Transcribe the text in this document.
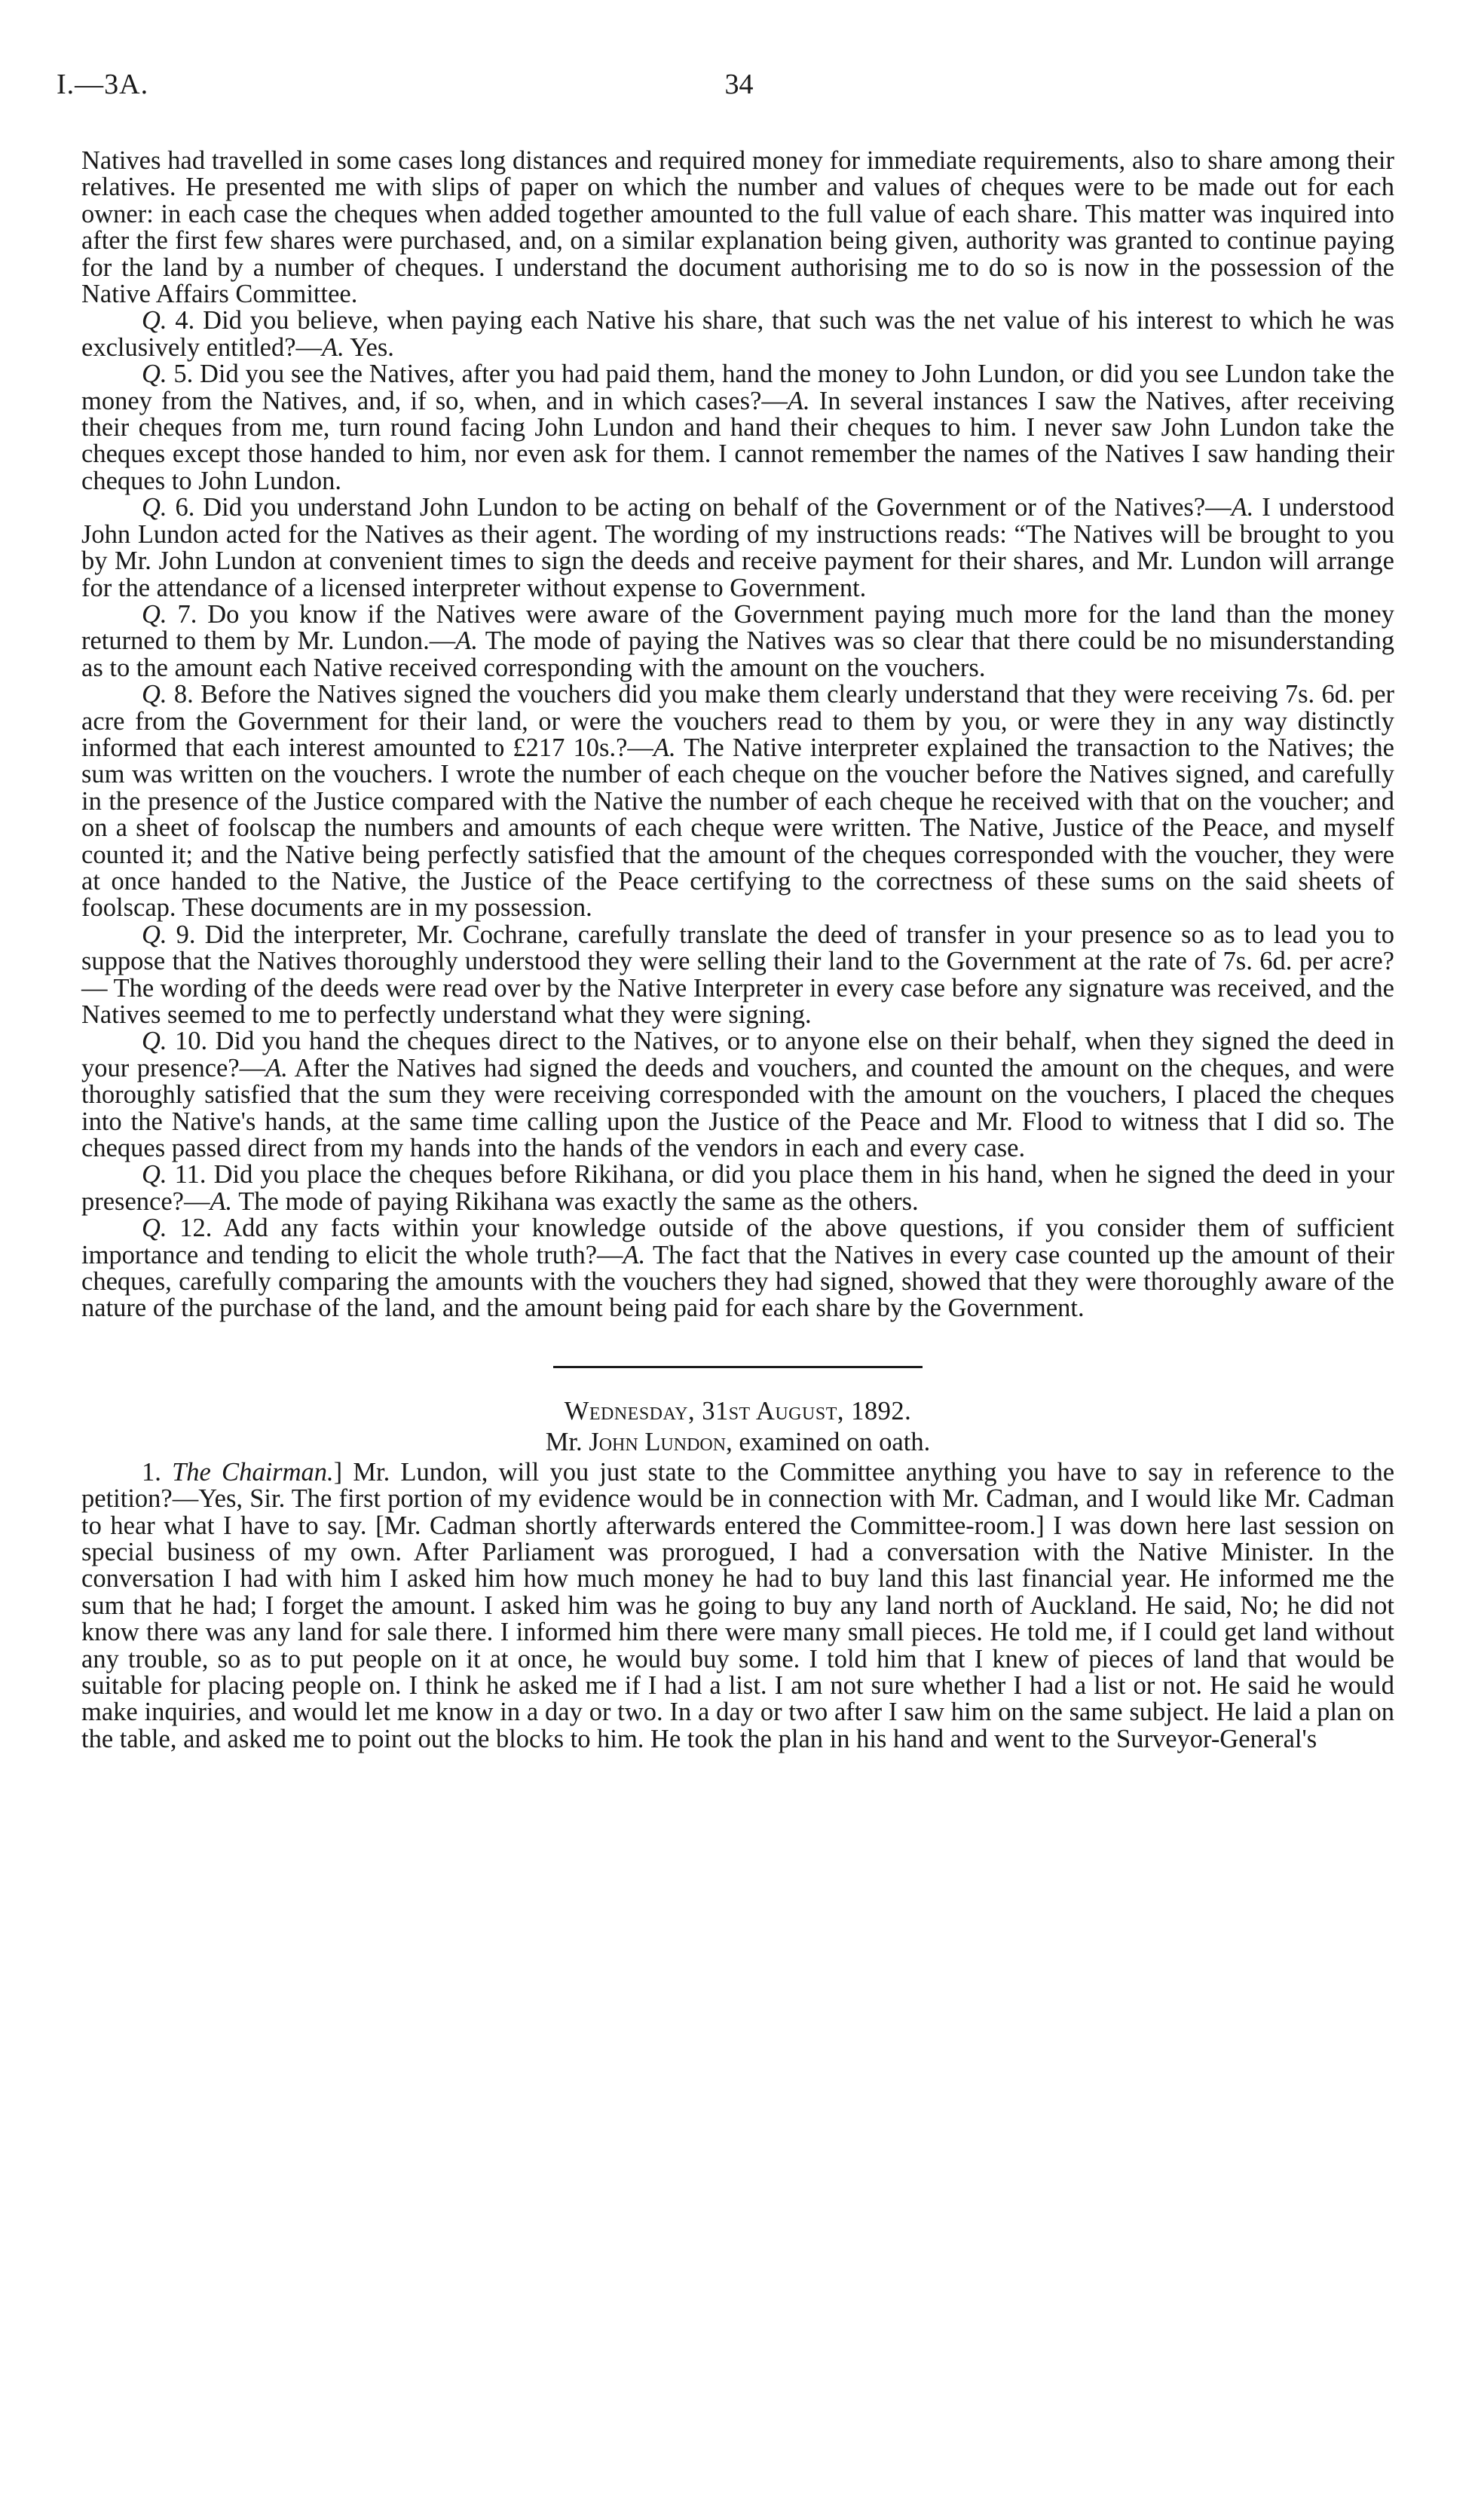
I.—3A.	34

Natives had travelled in some cases long distances and required money for immediate requirements, also to share among their relatives. He presented me with slips of paper on which the number and values of cheques were to be made out for each owner: in each case the cheques when added together amounted to the full value of each share. This matter was inquired into after the first few shares were purchased, and, on a similar explanation being given, authority was granted to continue paying for the land by a number of cheques. I understand the document authorising me to do so is now in the possession of the Native Affairs Committee.

Q. 4. Did you believe, when paying each Native his share, that such was the net value of his interest to which he was exclusively entitled?—A. Yes.

Q. 5. Did you see the Natives, after you had paid them, hand the money to John Lundon, or did you see Lundon take the money from the Natives, and, if so, when, and in which cases?—A. In several instances I saw the Natives, after receiving their cheques from me, turn round facing John Lundon and hand their cheques to him. I never saw John Lundon take the cheques except those handed to him, nor even ask for them. I cannot remember the names of the Natives I saw handing their cheques to John Lundon.

Q. 6. Did you understand John Lundon to be acting on behalf of the Government or of the Natives?—A. I understood John Lundon acted for the Natives as their agent. The wording of my instructions reads: “The Natives will be brought to you by Mr. John Lundon at convenient times to sign the deeds and receive payment for their shares, and Mr. Lundon will arrange for the attendance of a licensed interpreter without expense to Government.

Q. 7. Do you know if the Natives were aware of the Government paying much more for the land than the money returned to them by Mr. Lundon.—A. The mode of paying the Natives was so clear that there could be no misunderstanding as to the amount each Native received corresponding with the amount on the vouchers.

Q. 8. Before the Natives signed the vouchers did you make them clearly understand that they were receiving 7s. 6d. per acre from the Government for their land, or were the vouchers read to them by you, or were they in any way distinctly informed that each interest amounted to £217 10s.?—A. The Native interpreter explained the transaction to the Natives; the sum was written on the vouchers. I wrote the number of each cheque on the voucher before the Natives signed, and carefully in the presence of the Justice compared with the Native the number of each cheque he received with that on the voucher; and on a sheet of foolscap the numbers and amounts of each cheque were written. The Native, Justice of the Peace, and myself counted it; and the Native being perfectly satisfied that the amount of the cheques corresponded with the voucher, they were at once handed to the Native, the Justice of the Peace certifying to the correctness of these sums on the said sheets of foolscap. These documents are in my possession.

Q. 9. Did the interpreter, Mr. Cochrane, carefully translate the deed of transfer in your presence so as to lead you to suppose that the Natives thoroughly understood they were selling their land to the Government at the rate of 7s. 6d. per acre?— The wording of the deeds were read over by the Native Interpreter in every case before any signature was received, and the Natives seemed to me to perfectly understand what they were signing.

Q. 10. Did you hand the cheques direct to the Natives, or to anyone else on their behalf, when they signed the deed in your presence?—A. After the Natives had signed the deeds and vouchers, and counted the amount on the cheques, and were thoroughly satisfied that the sum they were receiving corresponded with the amount on the vouchers, I placed the cheques into the Native's hands, at the same time calling upon the Justice of the Peace and Mr. Flood to witness that I did so. The cheques passed direct from my hands into the hands of the vendors in each and every case.

Q. 11. Did you place the cheques before Rikihana, or did you place them in his hand, when he signed the deed in your presence?—A. The mode of paying Rikihana was exactly the same as the others.

Q. 12. Add any facts within your knowledge outside of the above questions, if you consider them of sufficient importance and tending to elicit the whole truth?—A. The fact that the Natives in every case counted up the amount of their cheques, carefully comparing the amounts with the vouchers they had signed, showed that they were thoroughly aware of the nature of the purchase of the land, and the amount being paid for each share by the Government.

Wednesday, 31st August, 1892.

Mr. John Lundon, examined on oath.

1. The Chairman.] Mr. Lundon, will you just state to the Committee anything you have to say in reference to the petition?—Yes, Sir. The first portion of my evidence would be in connection with Mr. Cadman, and I would like Mr. Cadman to hear what I have to say. [Mr. Cadman shortly afterwards entered the Committee-room.] I was down here last session on special business of my own. After Parliament was prorogued, I had a conversation with the Native Minister. In the conversation I had with him I asked him how much money he had to buy land this last financial year. He informed me the sum that he had; I forget the amount. I asked him was he going to buy any land north of Auckland. He said, No; he did not know there was any land for sale there. I informed him there were many small pieces. He told me, if I could get land without any trouble, so as to put people on it at once, he would buy some. I told him that I knew of pieces of land that would be suitable for placing people on. I think he asked me if I had a list. I am not sure whether I had a list or not. He said he would make inquiries, and would let me know in a day or two. In a day or two after I saw him on the same subject. He laid a plan on the table, and asked me to point out the blocks to him. He took the plan in his hand and went to the Surveyor-General's
